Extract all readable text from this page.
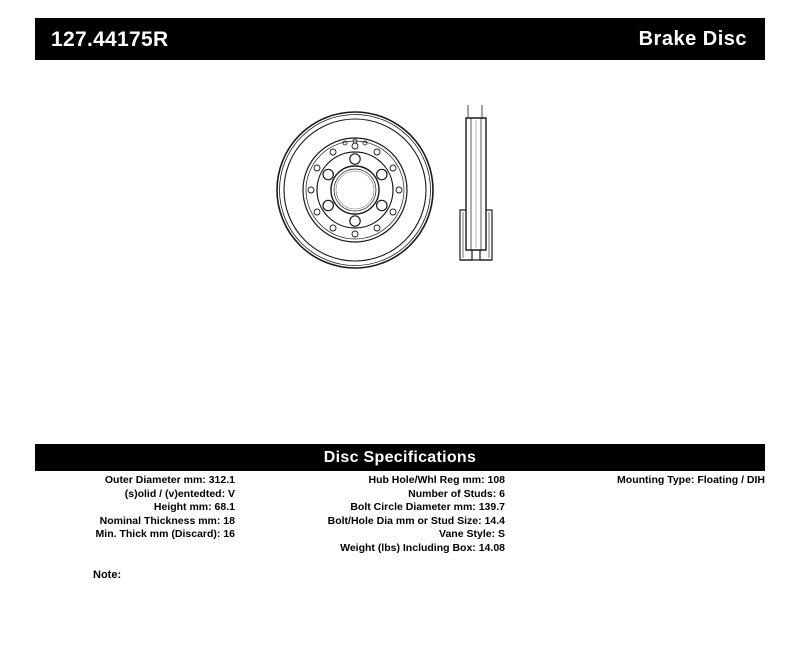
127.44175R	Brake Disc
Disc Specifications
Outer Diameter mm: 312.1
(s)olid / (v)entedted: V
Height mm: 68.1
Nominal Thickness mm: 18
Min. Thick mm (Discard): 16
Hub Hole/Whl Reg mm: 108
Number of Studs: 6
Bolt Circle Diameter mm: 139.7
Bolt/Hole Dia mm or Stud Size: 14.4
Vane Style: S
Weight (lbs) Including Box: 14.08
Mounting Type: Floating / DIH
Note:
